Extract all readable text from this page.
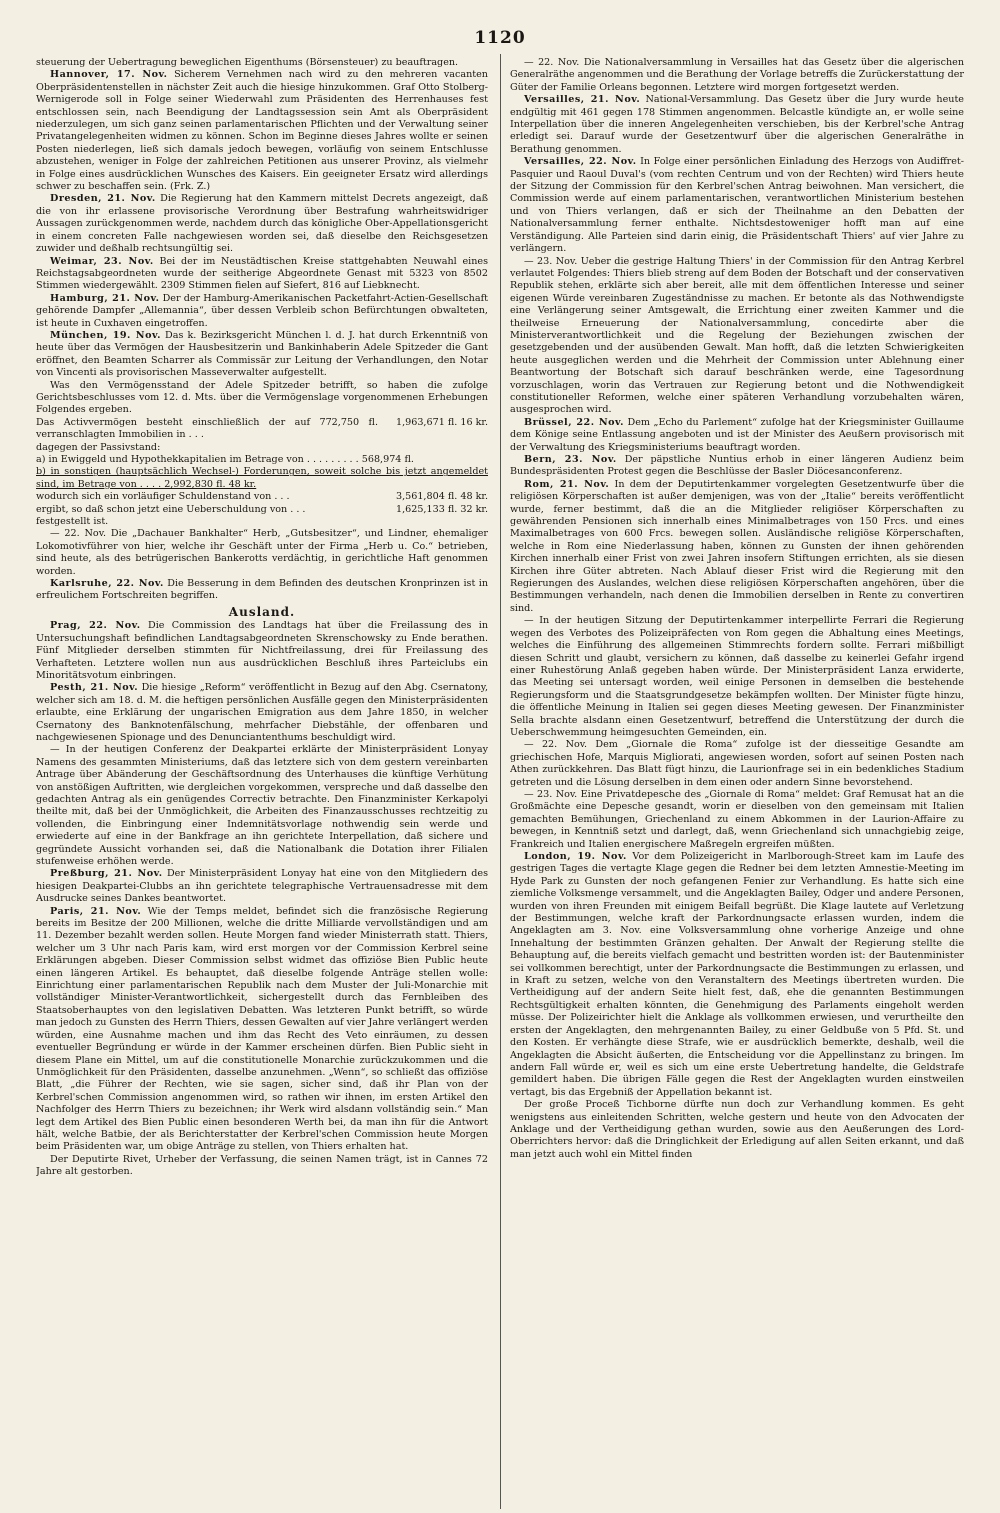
1120

steuerung der Uebertragung beweglichen Eigenthums (Börsensteuer) zu beauftragen.

Hannover, 17. Nov. Sicherem Vernehmen nach wird zu den mehreren vacanten Oberpräsidentenstellen in nächster Zeit auch die hiesige hinzukommen. Graf Otto Stolberg-Wernigerode soll in Folge seiner Wiederwahl zum Präsidenten des Herrenhauses fest entschlossen sein, nach Beendigung der Landtagssession sein Amt als Oberpräsident niederzulegen, um sich ganz seinen parlamentarischen Pflichten und der Verwaltung seiner Privatangelegenheiten widmen zu können. Schon im Beginne dieses Jahres wollte er seinen Posten niederlegen, ließ sich damals jedoch bewegen, vorläufig von seinem Entschlusse abzustehen, weniger in Folge der zahlreichen Petitionen aus unserer Provinz, als vielmehr in Folge eines ausdrücklichen Wunsches des Kaisers. Ein geeigneter Ersatz wird allerdings schwer zu beschaffen sein. (Frk. Z.)

Dresden, 21. Nov. Die Regierung hat den Kammern mittelst Decrets angezeigt, daß die von ihr erlassene provisorische Verordnung über Bestrafung wahrheitswidriger Aussagen zurückgenommen werde, nachdem durch das königliche Ober-Appellationsgericht in einem concreten Falle nachgewiesen worden sei, daß dieselbe den Reichsgesetzen zuwider und deßhalb rechtsungültig sei.

Weimar, 23. Nov. Bei der im Neustädtischen Kreise stattgehabten Neuwahl eines Reichstagsabgeordneten wurde der seitherige Abgeordnete Genast mit 5323 von 8502 Stimmen wiedergewählt. 2309 Stimmen fielen auf Siefert, 816 auf Liebknecht.

Hamburg, 21. Nov. Der der Hamburg-Amerikanischen Packetfahrt-Actien-Gesellschaft gehörende Dampfer „Allemannia“, über dessen Verbleib schon Befürchtungen obwalteten, ist heute in Cuxhaven eingetroffen.

München, 19. Nov. Das k. Bezirksgericht München l. d. J. hat durch Erkenntniß von heute über das Vermögen der Hausbesitzerin und Bankinhaberin Adele Spitzeder die Gant eröffnet, den Beamten Scharrer als Commissär zur Leitung der Verhandlungen, den Notar von Vincenti als provisorischen Masseverwalter aufgestellt.

Was den Vermögensstand der Adele Spitzeder betrifft, so haben die zufolge Gerichtsbeschlusses vom 12. d. Mts. über die Vermögenslage vorgenommenen Erhebungen Folgendes ergeben.

Das Activvermögen besteht einschließlich der auf 772,750 fl. verranschlagten Immobilien in . . .	1,963,671 fl. 16 kr.
dagegen der Passivstand:	
a) in Ewiggeld und Hypothekkapitalien im Betrage von . . . . . . . . . 568,974 fl.	
b) in sonstigen (hauptsächlich Wechsel-) Forderungen, soweit solche bis jetzt angemeldet sind, im Betrage von . . . . 2,992,830 fl. 48 kr.	
wodurch sich ein vorläufiger Schuldenstand von . . .	3,561,804 fl. 48 kr.
ergibt, so daß schon jetzt eine Ueberschuldung von . . .	1,625,133 fl. 32 kr.
festgestellt ist.	

— 22. Nov. Die „Dachauer Bankhalter“ Herb, „Gutsbesitzer“, und Lindner, ehemaliger Lokomotivführer von hier, welche ihr Geschäft unter der Firma „Herb u. Co.“ betrieben, sind heute, als des betrügerischen Bankerotts verdächtig, in gerichtliche Haft genommen worden.

Karlsruhe, 22. Nov. Die Besserung in dem Befinden des deutschen Kronprinzen ist in erfreulichem Fortschreiten begriffen.

Ausland.

Prag, 22. Nov. Die Commission des Landtags hat über die Freilassung des in Untersuchungshaft befindlichen Landtagsabgeordneten Skrenschowsky zu Ende berathen. Fünf Mitglieder derselben stimmten für Nichtfreilassung, drei für Freilassung des Verhafteten. Letztere wollen nun aus ausdrücklichen Beschluß ihres Parteiclubs ein Minoritätsvotum einbringen.

Pesth, 21. Nov. Die hiesige „Reform“ veröffentlicht in Bezug auf den Abg. Csernatony, welcher sich am 18. d. M. die heftigen persönlichen Ausfälle gegen den Ministerpräsidenten erlaubte, eine Erklärung der ungarischen Emigration aus dem Jahre 1850, in welcher Csernatony des Banknotenfälschung, mehrfacher Diebstähle, der offenbaren und nachgewiesenen Spionage und des Denunciantenthums beschuldigt wird.

— In der heutigen Conferenz der Deakpartei erklärte der Ministerpräsident Lonyay Namens des gesammten Ministeriums, daß das letztere sich von dem gestern vereinbarten Antrage über Abänderung der Geschäftsordnung des Unterhauses die künftige Verhütung von anstößigen Auftritten, wie dergleichen vorgekommen, verspreche und daß dasselbe den gedachten Antrag als ein genügendes Correctiv betrachte. Den Finanzminister Kerkapolyi theilte mit, daß bei der Unmöglichkeit, die Arbeiten des Finanzausschusses rechtzeitig zu vollenden, die Einbringung einer Indemnitätsvorlage nothwendig sein werde und erwiederte auf eine in der Bankfrage an ihn gerichtete Interpellation, daß sichere und gegründete Aussicht vorhanden sei, daß die Nationalbank die Dotation ihrer Filialen stufenweise erhöhen werde.

Preßburg, 21. Nov. Der Ministerpräsident Lonyay hat eine von den Mitgliedern des hiesigen Deakpartei-Clubbs an ihn gerichtete telegraphische Vertrauensadresse mit dem Ausdrucke seines Dankes beantwortet.

Paris, 21. Nov. Wie der Temps meldet, befindet sich die französische Regierung bereits im Besitze der 200 Millionen, welche die dritte Milliarde vervollständigen und am 11. Dezember bezahlt werden sollen. Heute Morgen fand wieder Ministerrath statt. Thiers, welcher um 3 Uhr nach Paris kam, wird erst morgen vor der Commission Kerbrel seine Erklärungen abgeben. Dieser Commission selbst widmet das offiziöse Bien Public heute einen längeren Artikel. Es behauptet, daß dieselbe folgende Anträge stellen wolle: Einrichtung einer parlamentarischen Republik nach dem Muster der Juli-Monarchie mit vollständiger Minister-Verantwortlichkeit, sichergestellt durch das Fernbleiben des Staatsoberhauptes von den legislativen Debatten. Was letzteren Punkt betrifft, so würde man jedoch zu Gunsten des Herrn Thiers, dessen Gewalten auf vier Jahre verlängert werden würden, eine Ausnahme machen und ihm das Recht des Veto einräumen, zu dessen eventueller Begründung er würde in der Kammer erscheinen dürfen. Bien Public sieht in diesem Plane ein Mittel, um auf die constitutionelle Monarchie zurückzukommen und die Unmöglichkeit für den Präsidenten, dasselbe anzunehmen. „Wenn“, so schließt das offiziöse Blatt, „die Führer der Rechten, wie sie sagen, sicher sind, daß ihr Plan von der Kerbrel'schen Commission angenommen wird, so rathen wir ihnen, im ersten Artikel den Nachfolger des Herrn Thiers zu bezeichnen; ihr Werk wird alsdann vollständig sein.“ Man legt dem Artikel des Bien Public einen besonderen Werth bei, da man ihn für die Antwort hält, welche Batbie, der als Berichterstatter der Kerbrel'schen Commission heute Morgen beim Präsidenten war, um obige Anträge zu stellen, von Thiers erhalten hat.

Der Deputirte Rivet, Urheber der Verfassung, die seinen Namen trägt, ist in Cannes 72 Jahre alt gestorben.

— 22. Nov. Die Nationalversammlung in Versailles hat das Gesetz über die algerischen Generalräthe angenommen und die Berathung der Vorlage betreffs die Zurückerstattung der Güter der Familie Orleans begonnen. Letztere wird morgen fortgesetzt werden.

Versailles, 21. Nov. National-Versammlung. Das Gesetz über die Jury wurde heute endgültig mit 461 gegen 178 Stimmen angenommen. Belcastle kündigte an, er wolle seine Interpellation über die inneren Angelegenheiten verschieben, bis der Kerbrel'sche Antrag erledigt sei. Darauf wurde der Gesetzentwurf über die algerischen Generalräthe in Berathung genommen.

Versailles, 22. Nov. In Folge einer persönlichen Einladung des Herzogs von Audiffret-Pasquier und Raoul Duval's (vom rechten Centrum und von der Rechten) wird Thiers heute der Sitzung der Commission für den Kerbrel'schen Antrag beiwohnen. Man versichert, die Commission werde auf einem parlamentarischen, verantwortlichen Ministerium bestehen und von Thiers verlangen, daß er sich der Theilnahme an den Debatten der Nationalversammlung ferner enthalte. Nichtsdestoweniger hofft man auf eine Verständigung. Alle Parteien sind darin einig, die Präsidentschaft Thiers' auf vier Jahre zu verlängern.

— 23. Nov. Ueber die gestrige Haltung Thiers' in der Commission für den Antrag Kerbrel verlautet Folgendes: Thiers blieb streng auf dem Boden der Botschaft und der conservativen Republik stehen, erklärte sich aber bereit, alle mit dem öffentlichen Interesse und seiner eigenen Würde vereinbaren Zugeständnisse zu machen. Er betonte als das Nothwendigste eine Verlängerung seiner Amtsgewalt, die Errichtung einer zweiten Kammer und die theilweise Erneuerung der Nationalversammlung, concedirte aber die Ministerverantwortlichkeit und die Regelung der Beziehungen zwischen der gesetzgebenden und der ausübenden Gewalt. Man hofft, daß die letzten Schwierigkeiten heute ausgeglichen werden und die Mehrheit der Commission unter Ablehnung einer Beantwortung der Botschaft sich darauf beschränken werde, eine Tagesordnung vorzuschlagen, worin das Vertrauen zur Regierung betont und die Nothwendigkeit constitutioneller Reformen, welche einer späteren Verhandlung vorzubehalten wären, ausgesprochen wird.

Brüssel, 22. Nov. Dem „Echo du Parlement“ zufolge hat der Kriegsminister Guillaume dem Könige seine Entlassung angeboten und ist der Minister des Aeußern provisorisch mit der Verwaltung des Kriegsministeriums beauftragt worden.

Bern, 23. Nov. Der päpstliche Nuntius erhob in einer längeren Audienz beim Bundespräsidenten Protest gegen die Beschlüsse der Basler Diöcesanconferenz.

Rom, 21. Nov. In dem der Deputirtenkammer vorgelegten Gesetzentwurfe über die religiösen Körperschaften ist außer demjenigen, was von der „Italie“ bereits veröffentlicht wurde, ferner bestimmt, daß die an die Mitglieder religiöser Körperschaften zu gewährenden Pensionen sich innerhalb eines Minimalbetrages von 150 Frcs. und eines Maximalbetrages von 600 Frcs. bewegen sollen. Ausländische religiöse Körperschaften, welche in Rom eine Niederlassung haben, können zu Gunsten der ihnen gehörenden Kirchen innerhalb einer Frist von zwei Jahren insofern Stiftungen errichten, als sie diesen Kirchen ihre Güter abtreten. Nach Ablauf dieser Frist wird die Regierung mit den Regierungen des Auslandes, welchen diese religiösen Körperschaften angehören, über die Bestimmungen verhandeln, nach denen die Immobilien derselben in Rente zu convertiren sind.

— In der heutigen Sitzung der Deputirtenkammer interpellirte Ferrari die Regierung wegen des Verbotes des Polizeipräfecten von Rom gegen die Abhaltung eines Meetings, welches die Einführung des allgemeinen Stimmrechts fordern sollte. Ferrari mißbilligt diesen Schritt und glaubt, versichern zu können, daß dasselbe zu keinerlei Gefahr irgend einer Ruhestörung Anlaß gegeben haben würde. Der Ministerpräsident Lanza erwiderte, das Meeting sei untersagt worden, weil einige Personen in demselben die bestehende Regierungsform und die Staatsgrundgesetze bekämpfen wollten. Der Minister fügte hinzu, die öffentliche Meinung in Italien sei gegen dieses Meeting gewesen. Der Finanzminister Sella brachte alsdann einen Gesetzentwurf, betreffend die Unterstützung der durch die Ueberschwemmung heimgesuchten Gemeinden, ein.

— 22. Nov. Dem „Giornale die Roma“ zufolge ist der diesseitige Gesandte am griechischen Hofe, Marquis Migliorati, angewiesen worden, sofort auf seinen Posten nach Athen zurückkehren. Das Blatt fügt hinzu, die Laurionfrage sei in ein bedenkliches Stadium getreten und die Lösung derselben in dem einen oder andern Sinne bevorstehend.

— 23. Nov. Eine Privatdepesche des „Giornale di Roma“ meldet: Graf Remusat hat an die Großmächte eine Depesche gesandt, worin er dieselben von den gemeinsam mit Italien gemachten Bemühungen, Griechenland zu einem Abkommen in der Laurion-Affaire zu bewegen, in Kenntniß setzt und darlegt, daß, wenn Griechenland sich unnachgiebig zeige, Frankreich und Italien energischere Maßregeln ergreifen müßten.

London, 19. Nov. Vor dem Polizeigericht in Marlborough-Street kam im Laufe des gestrigen Tages die vertagte Klage gegen die Redner bei dem letzten Amnestie-Meeting im Hyde Park zu Gunsten der noch gefangenen Fenier zur Verhandlung. Es hatte sich eine ziemliche Volksmenge versammelt, und die Angeklagten Bailey, Odger und andere Personen, wurden von ihren Freunden mit einigem Beifall begrüßt. Die Klage lautete auf Verletzung der Bestimmungen, welche kraft der Parkordnungsacte erlassen wurden, indem die Angeklagten am 3. Nov. eine Volksversammlung ohne vorherige Anzeige und ohne Innehaltung der bestimmten Gränzen gehalten. Der Anwalt der Regierung stellte die Behauptung auf, die bereits vielfach gemacht und bestritten worden ist: der Bautenminister sei vollkommen berechtigt, unter der Parkordnungsacte die Bestimmungen zu erlassen, und in Kraft zu setzen, welche von den Veranstaltern des Meetings übertreten wurden. Die Vertheidigung auf der andern Seite hielt fest, daß, ehe die genannten Bestimmungen Rechtsgültigkeit erhalten könnten, die Genehmigung des Parlaments eingeholt werden müsse. Der Polizeirichter hielt die Anklage als vollkommen erwiesen, und verurtheilte den ersten der Angeklagten, den mehrgenannten Bailey, zu einer Geldbuße von 5 Pfd. St. und den Kosten. Er verhängte diese Strafe, wie er ausdrücklich bemerkte, deshalb, weil die Angeklagten die Absicht äußerten, die Entscheidung vor die Appellinstanz zu bringen. Im andern Fall würde er, weil es sich um eine erste Uebertretung handelte, die Geldstrafe gemildert haben. Die übrigen Fälle gegen die Rest der Angeklagten wurden einstweilen vertagt, bis das Ergebniß der Appellation bekannt ist.

Der große Proceß Tichborne dürfte nun doch zur Verhandlung kommen. Es geht wenigstens aus einleitenden Schritten, welche gestern und heute von den Advocaten der Anklage und der Vertheidigung gethan wurden, sowie aus den Aeußerungen des Lord-Oberrichters hervor: daß die Dringlichkeit der Erledigung auf allen Seiten erkannt, und daß man jetzt auch wohl ein Mittel finden
